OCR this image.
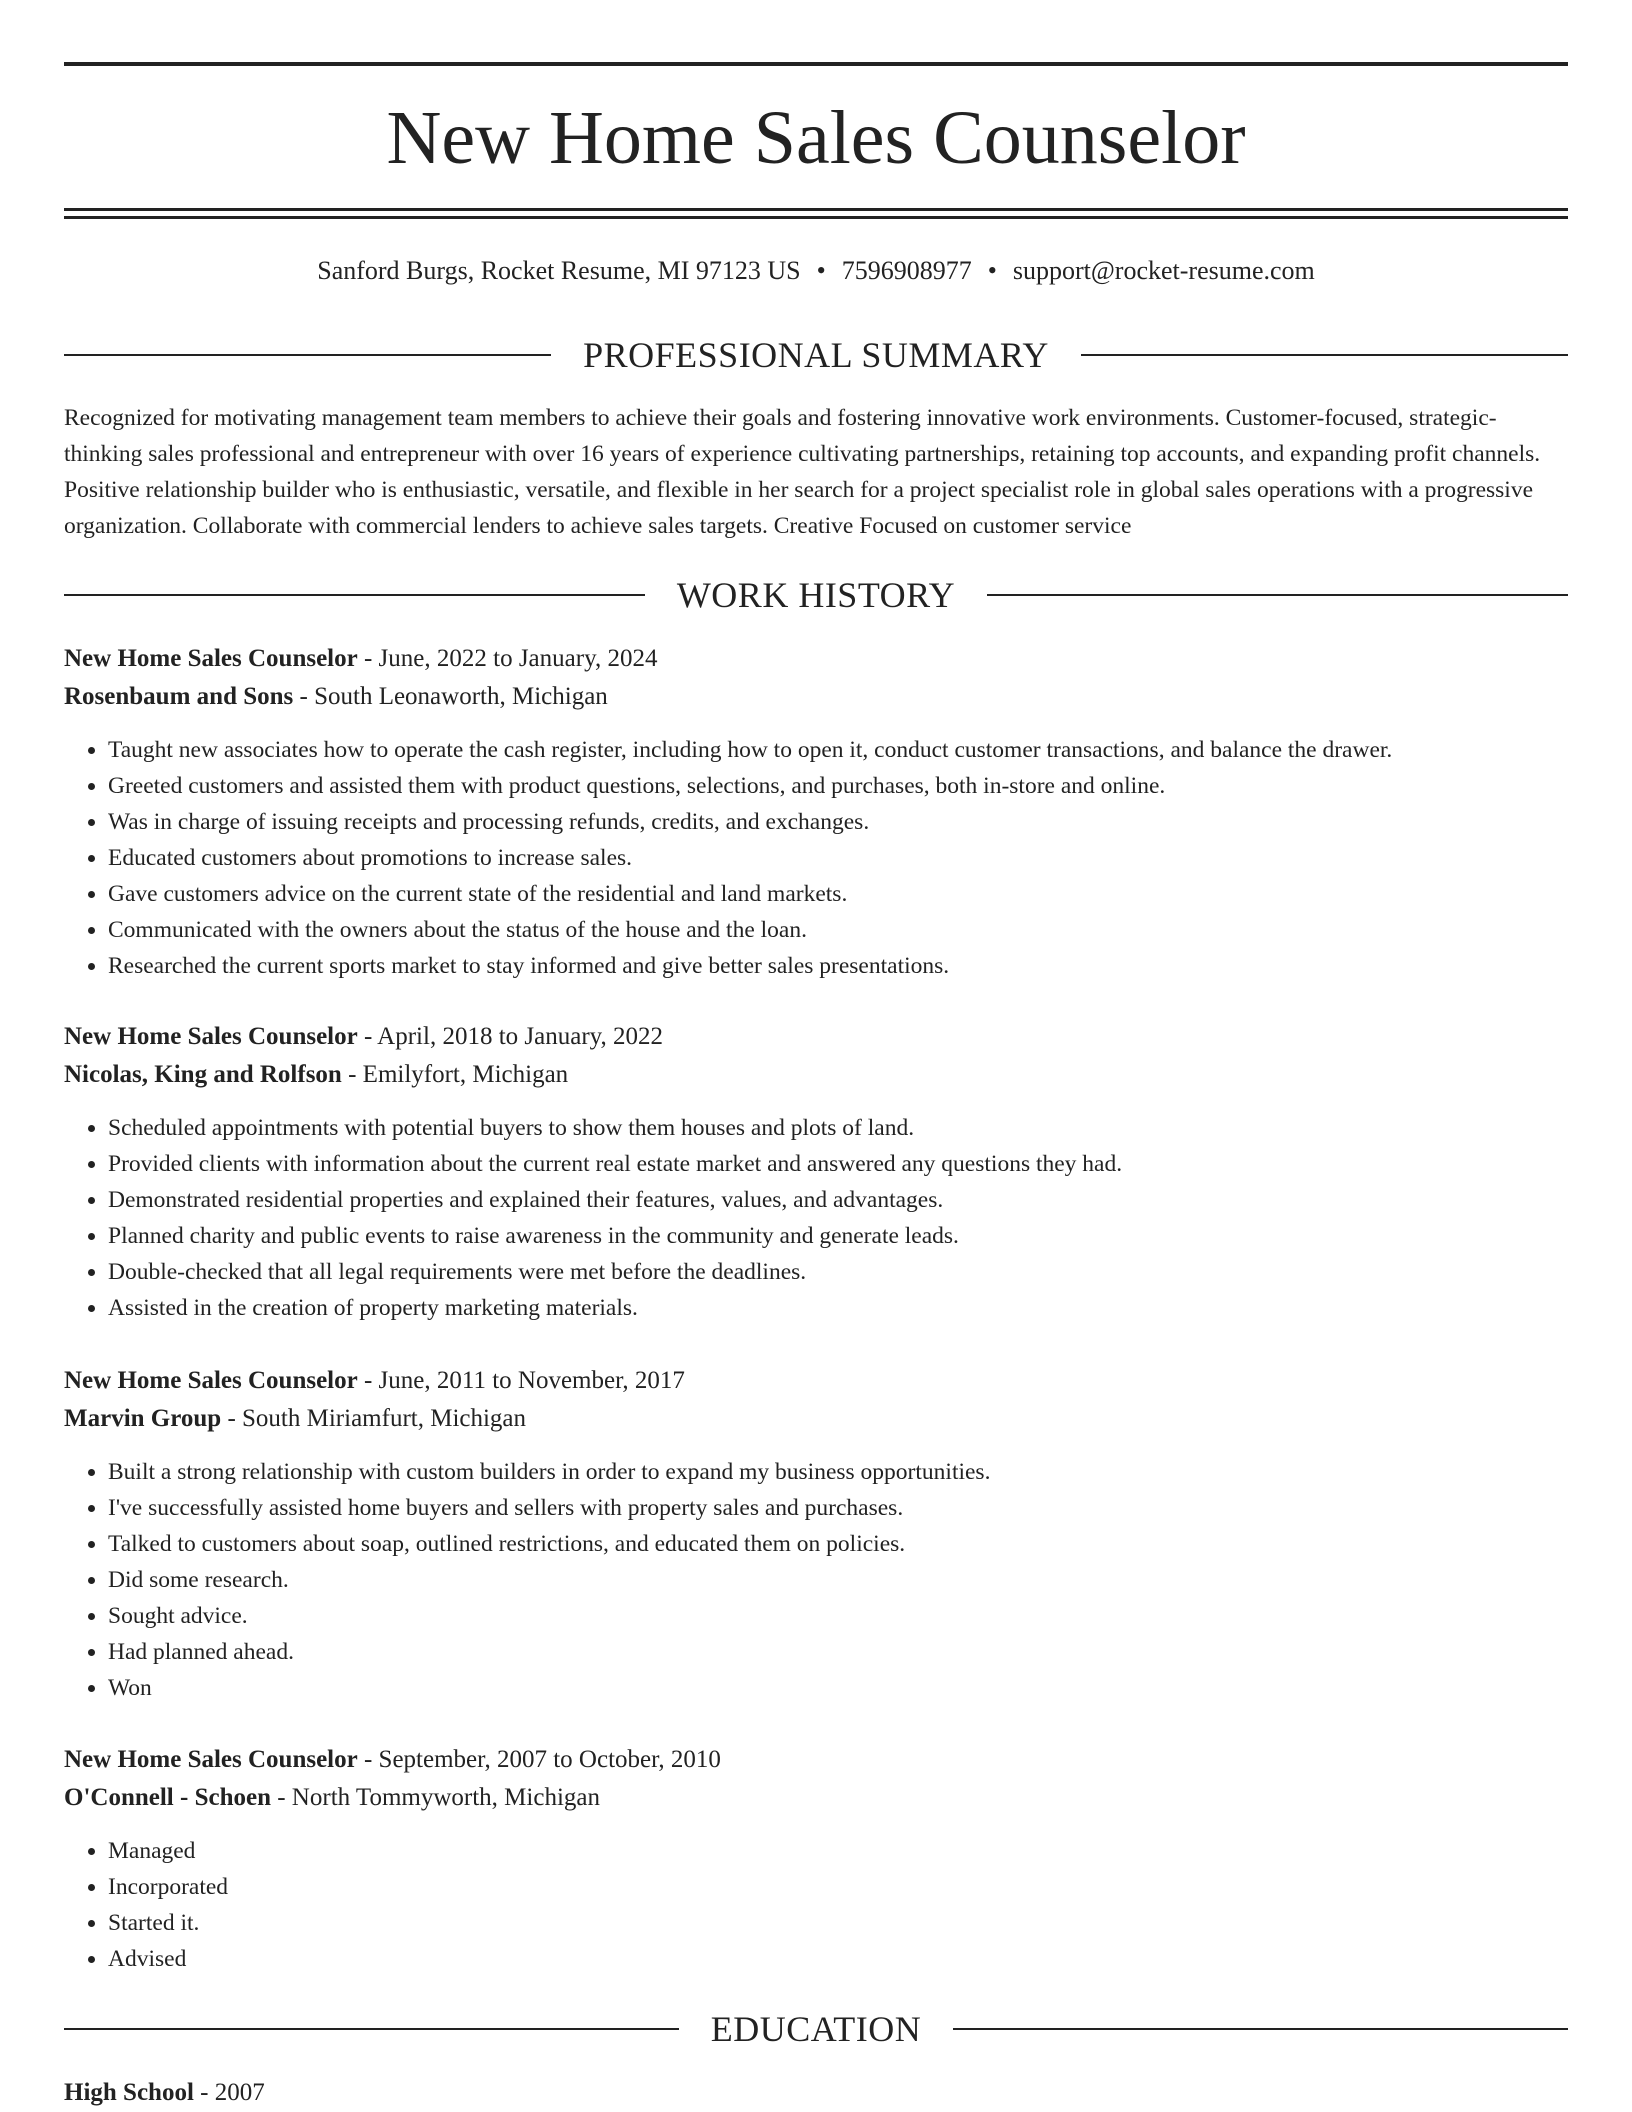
New Home Sales Counselor
Sanford Burgs, Rocket Resume, MI 97123 US • 7596908977 • support@rocket-resume.com
PROFESSIONAL SUMMARY

Recognized for motivating management team members to achieve their goals and fostering innovative work environments. Customer-focused, strategic-thinking sales professional and entrepreneur with over 16 years of experience cultivating partnerships, retaining top accounts, and expanding profit channels. Positive relationship builder who is enthusiastic, versatile, and flexible in her search for a project specialist role in global sales operations with a progressive organization. Collaborate with commercial lenders to achieve sales targets. Creative Focused on customer service

WORK HISTORY
New Home Sales Counselor - June, 2022 to January, 2024
Rosenbaum and Sons - South Leonaworth, Michigan
• Taught new associates how to operate the cash register, including how to open it, conduct customer transactions, and balance the drawer.
• Greeted customers and assisted them with product questions, selections, and purchases, both in-store and online.
• Was in charge of issuing receipts and processing refunds, credits, and exchanges.
• Educated customers about promotions to increase sales.
• Gave customers advice on the current state of the residential and land markets.
• Communicated with the owners about the status of the house and the loan.
• Researched the current sports market to stay informed and give better sales presentations.
New Home Sales Counselor - April, 2018 to January, 2022
Nicolas, King and Rolfson - Emilyfort, Michigan
• Scheduled appointments with potential buyers to show them houses and plots of land.
• Provided clients with information about the current real estate market and answered any questions they had.
• Demonstrated residential properties and explained their features, values, and advantages.
• Planned charity and public events to raise awareness in the community and generate leads.
• Double-checked that all legal requirements were met before the deadlines.
• Assisted in the creation of property marketing materials.
New Home Sales Counselor - June, 2011 to November, 2017
Marvin Group - South Miriamfurt, Michigan
• Built a strong relationship with custom builders in order to expand my business opportunities.
• I've successfully assisted home buyers and sellers with property sales and purchases.
• Talked to customers about soap, outlined restrictions, and educated them on policies.
• Did some research.
• Sought advice.
• Had planned ahead.
• Won
New Home Sales Counselor - September, 2007 to October, 2010
O'Connell - Schoen - North Tommyworth, Michigan
• Managed
• Incorporated
• Started it.
• Advised
EDUCATION
High School - 2007
